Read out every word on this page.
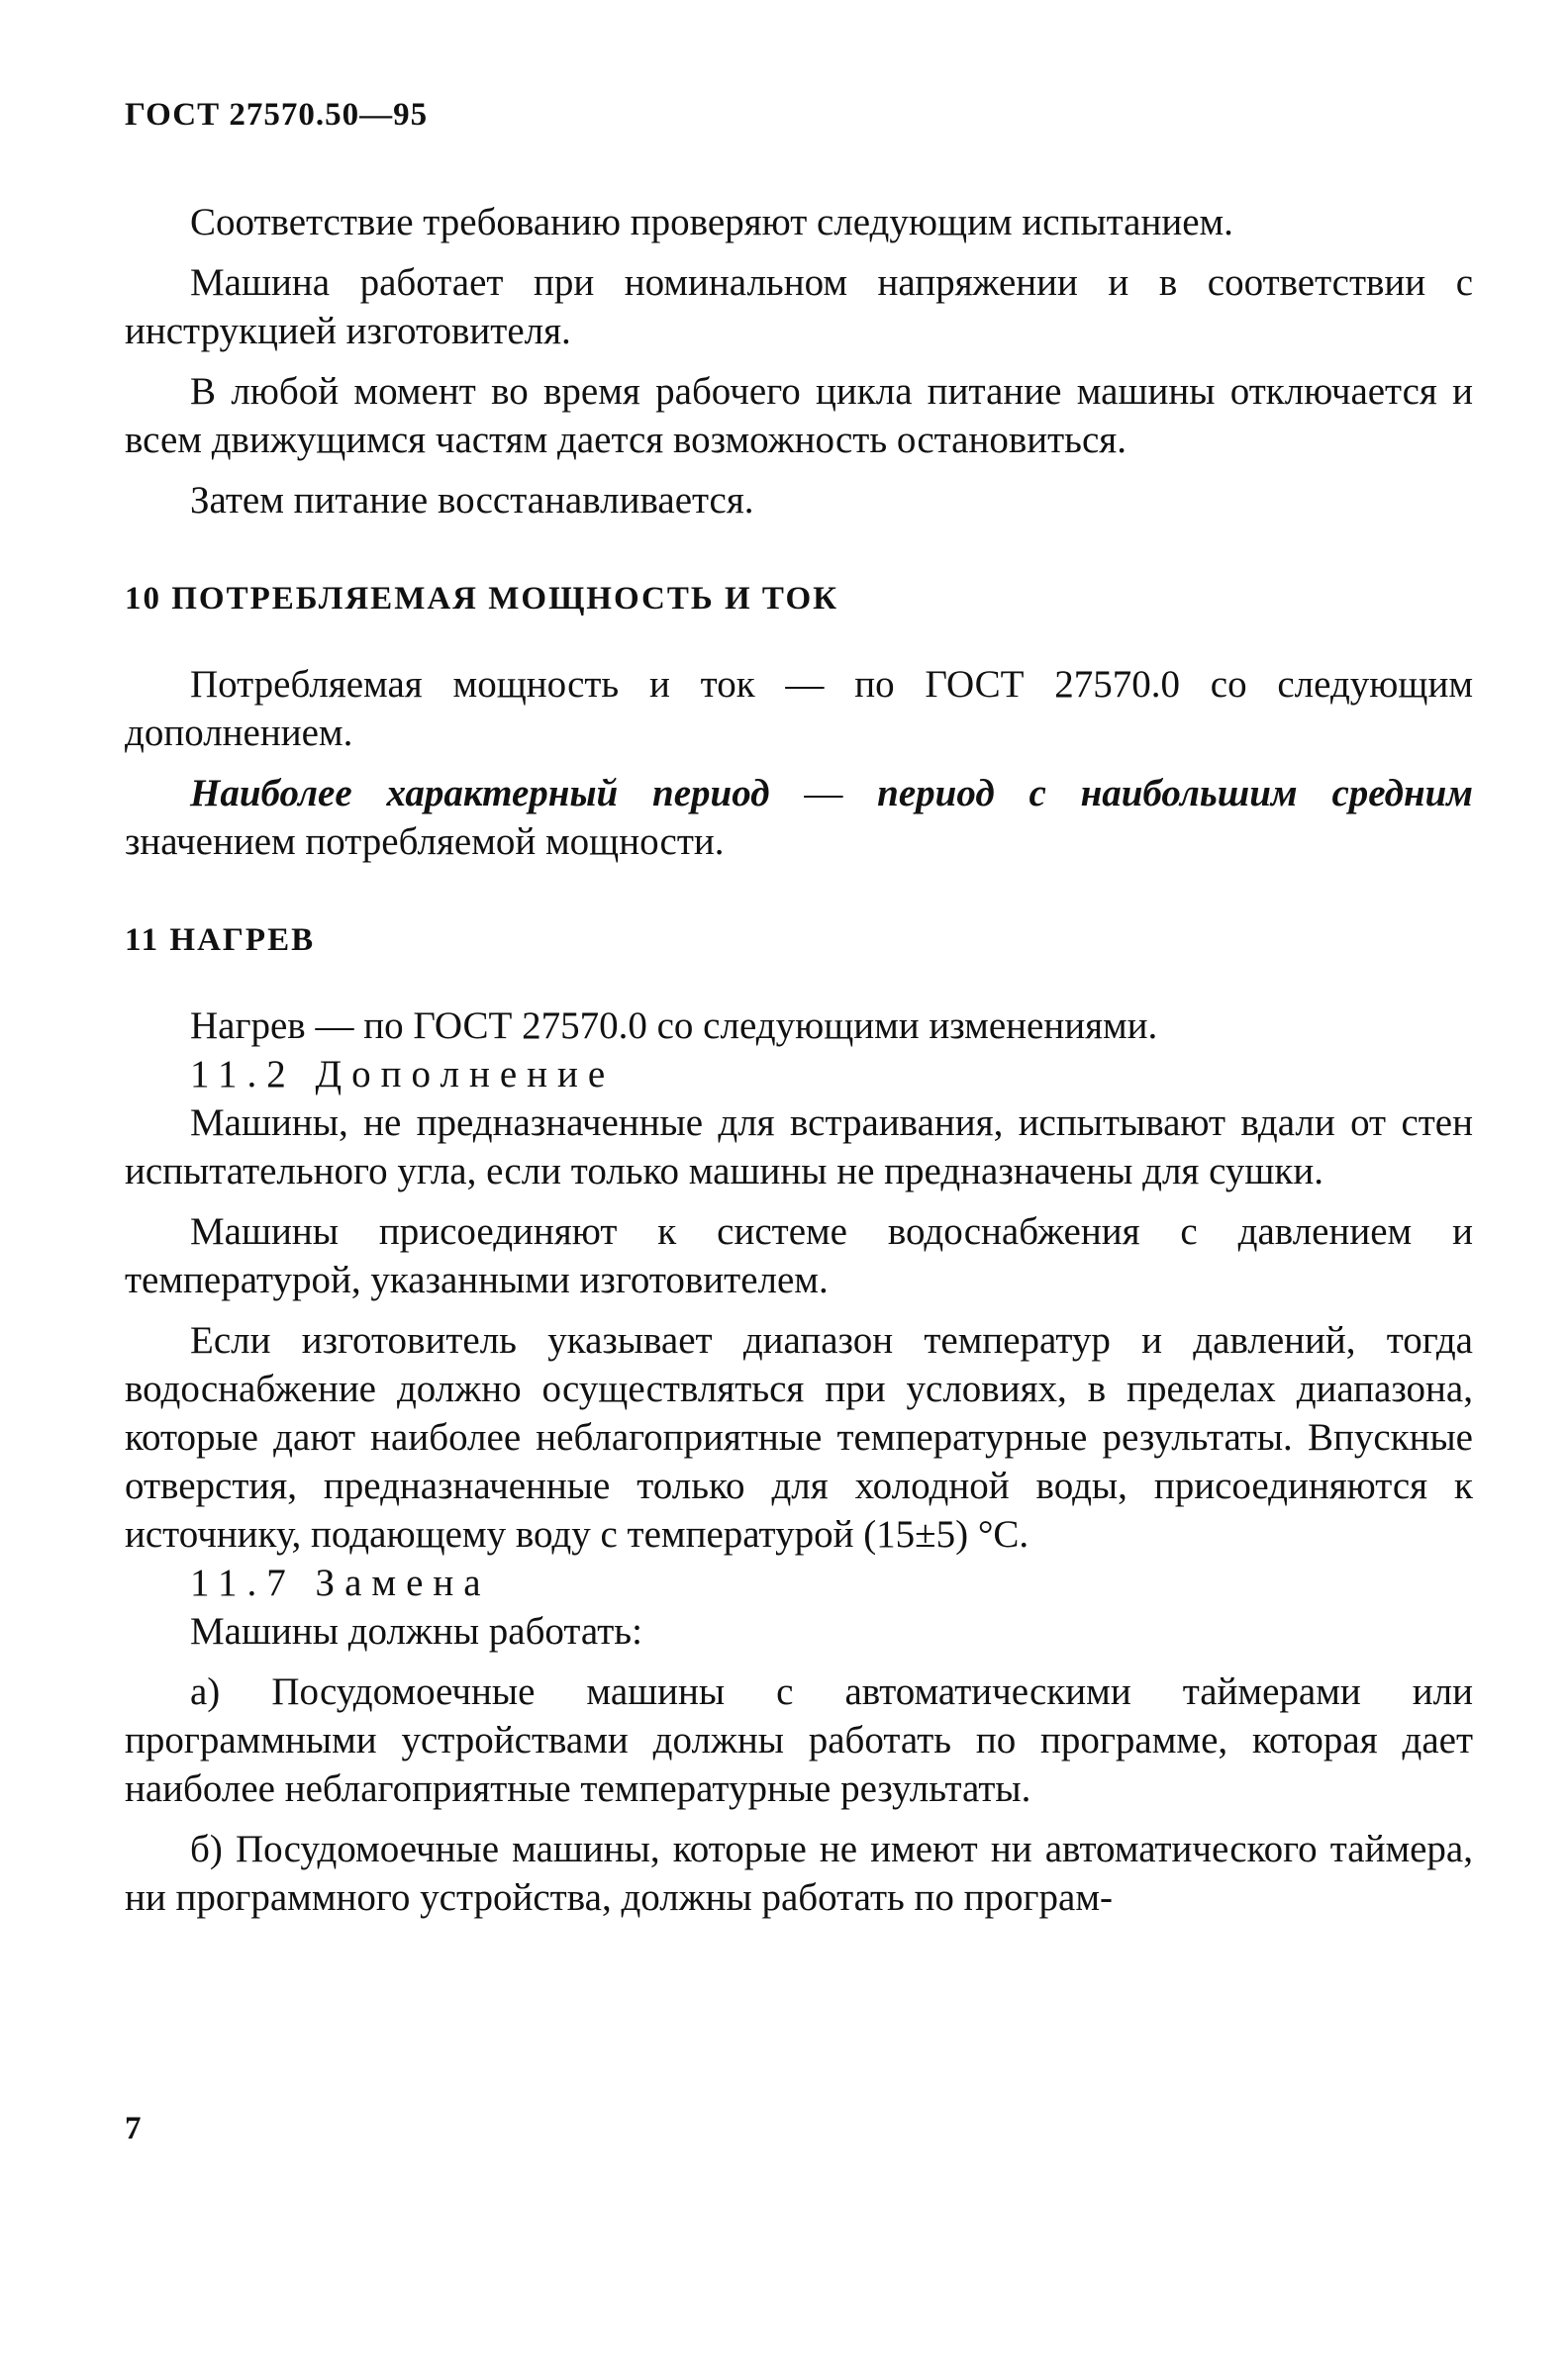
ГОСТ 27570.50—95

Соответствие требованию проверяют следующим испытанием.

Машина работает при номинальном напряжении и в соответствии с инструкцией изготовителя.

В любой момент во время рабочего цикла питание машины отключается и всем движущимся частям дается возможность остановиться.

Затем питание восстанавливается.

10 ПОТРЕБЛЯЕМАЯ МОЩНОСТЬ И ТОК

Потребляемая мощность и ток — по ГОСТ 27570.0 со следующим дополнением.

Наиболее характерный период — период с наибольшим средним значением потребляемой мощности.

11 НАГРЕВ

Нагрев — по ГОСТ 27570.0 со следующими изменениями.

11.2 Дополнение

Машины, не предназначенные для встраивания, испытывают вдали от стен испытательного угла, если только машины не предназначены для сушки.

Машины присоединяют к системе водоснабжения с давлением и температурой, указанными изготовителем.

Если изготовитель указывает диапазон температур и давлений, тогда водоснабжение должно осуществляться при условиях, в пределах диапазона, которые дают наиболее неблагоприятные температурные результаты. Впускные отверстия, предназначенные только для холодной воды, присоединяются к источнику, подающему воду с температурой (15±5) °С.

11.7 Замена

Машины должны работать:

а) Посудомоечные машины с автоматическими таймерами или программными устройствами должны работать по программе, которая дает наиболее неблагоприятные температурные результаты.

б) Посудомоечные машины, которые не имеют ни автоматического таймера, ни программного устройства, должны работать по програм-

7
